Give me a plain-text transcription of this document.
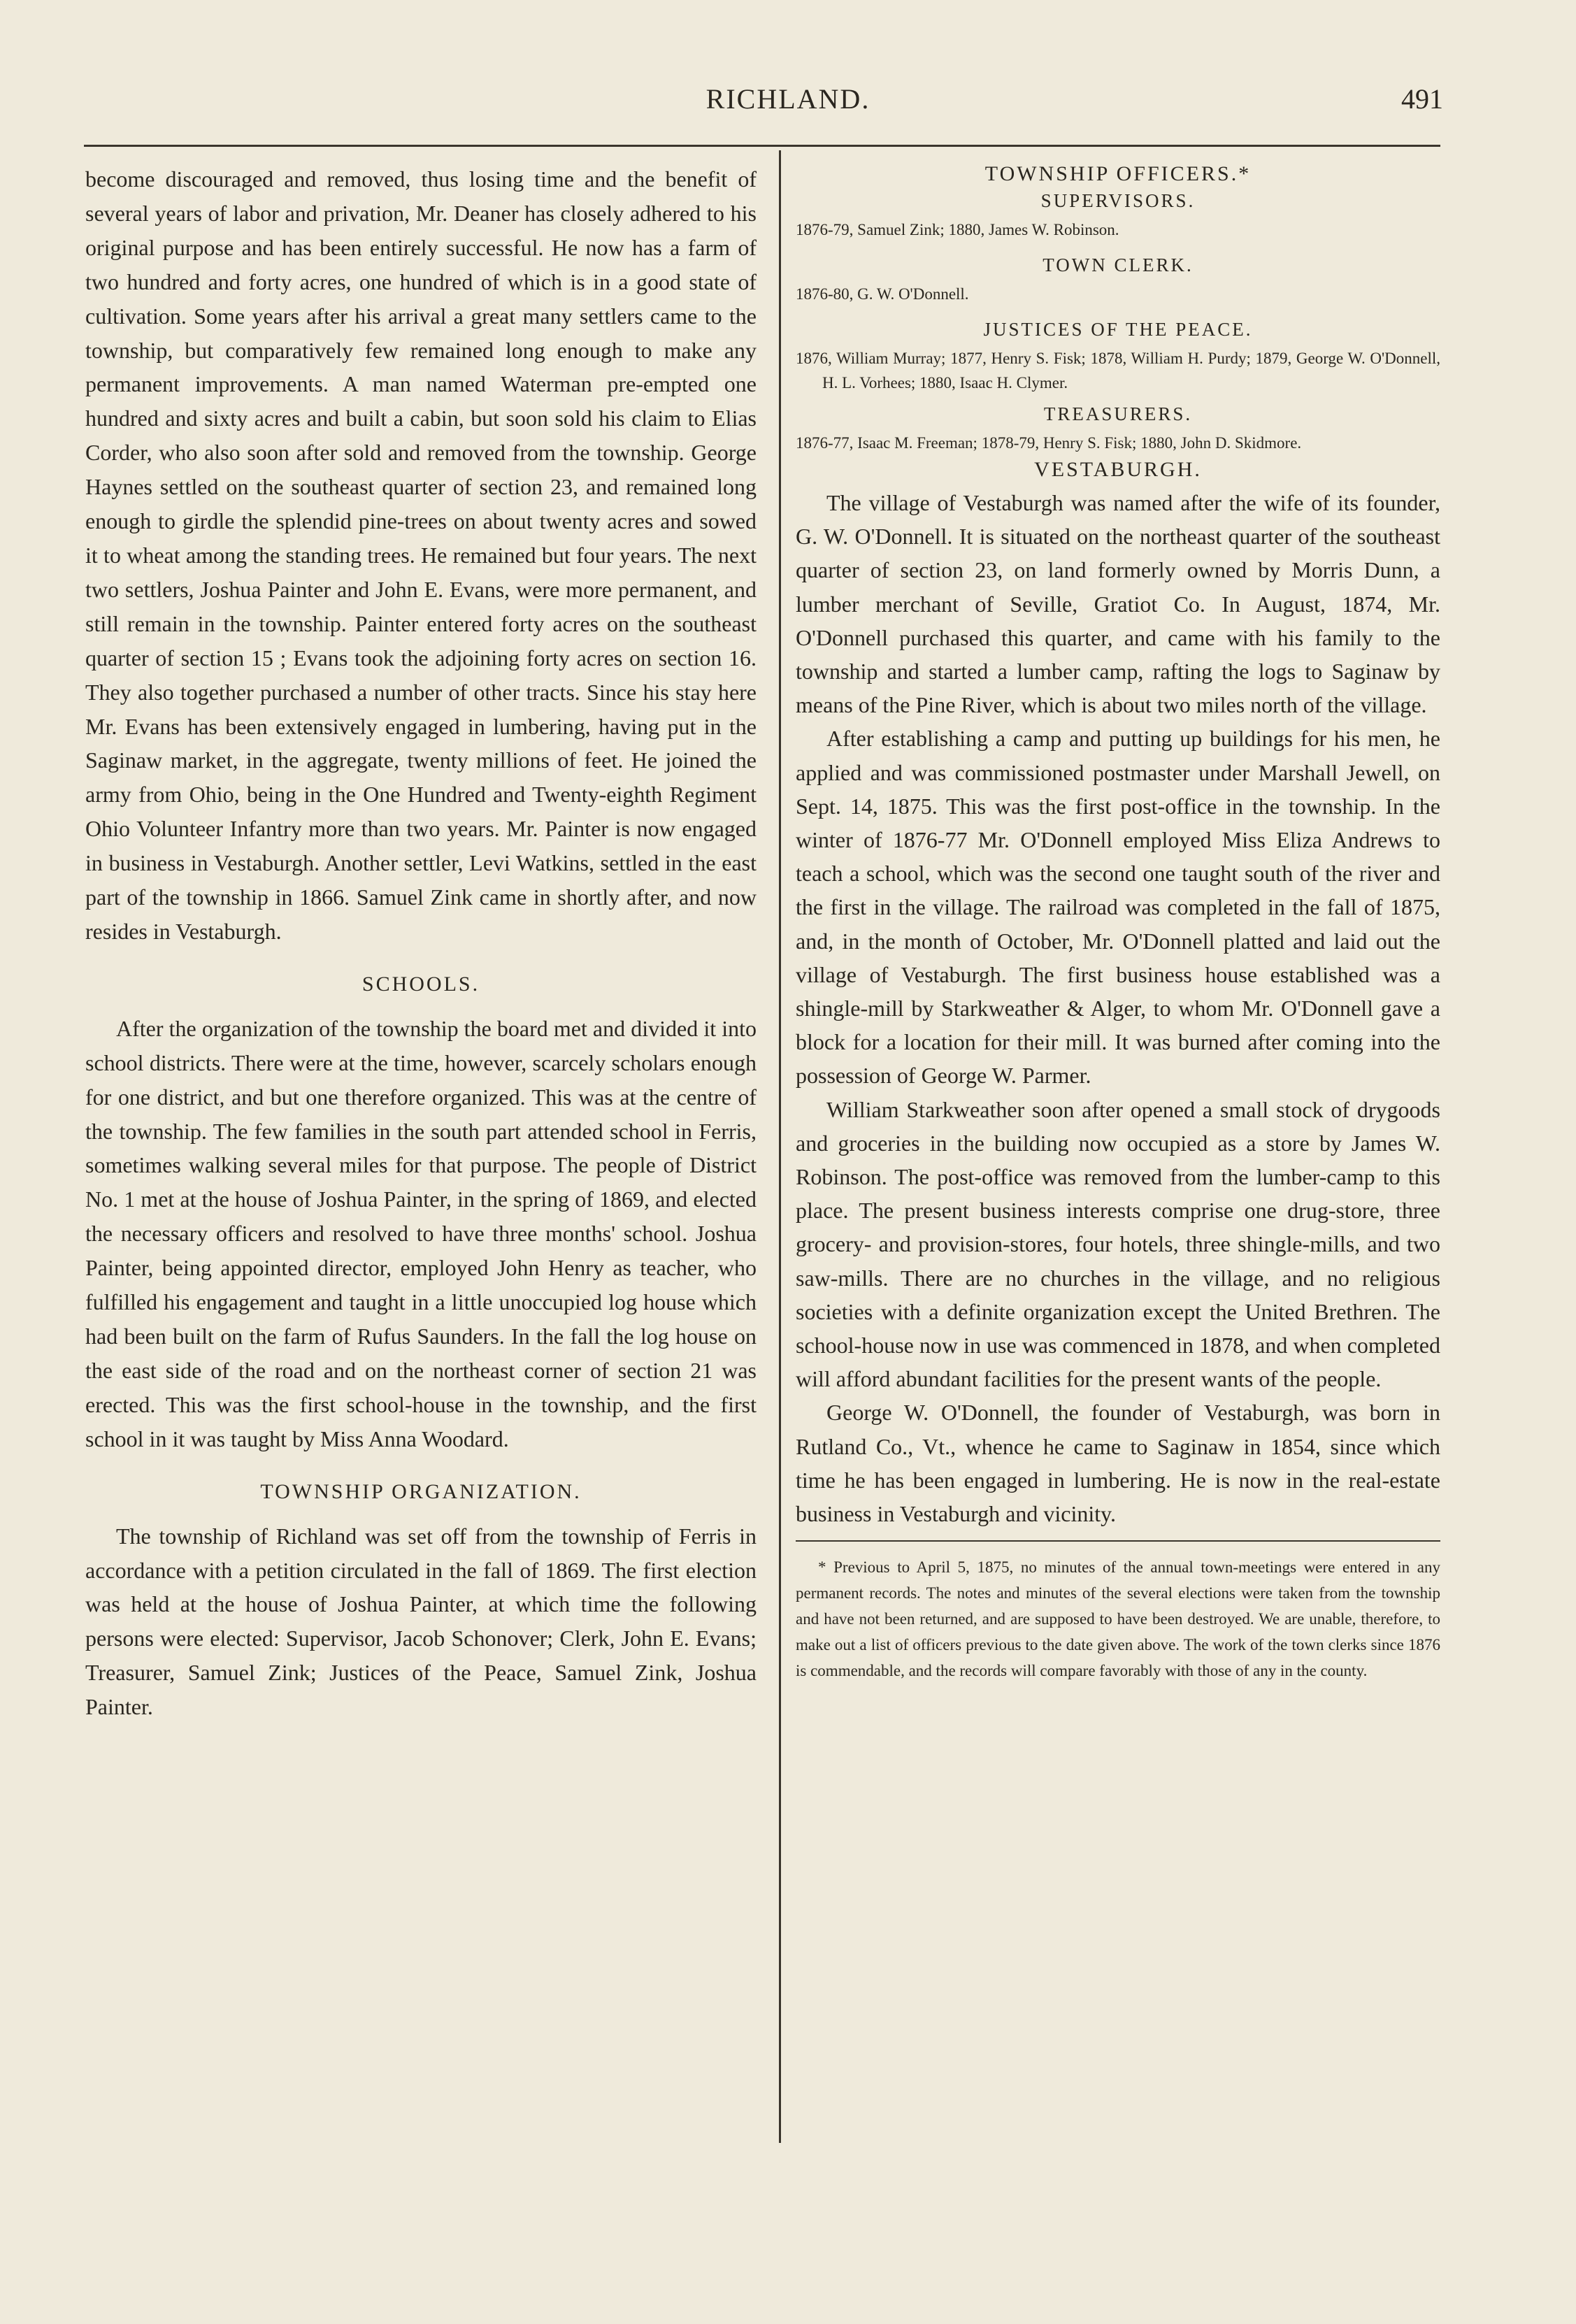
RICHLAND.	491

become discouraged and removed, thus losing time and the benefit of several years of labor and privation, Mr. Deaner has closely adhered to his original purpose and has been entirely successful. He now has a farm of two hundred and forty acres, one hundred of which is in a good state of cultivation. Some years after his arrival a great many settlers came to the township, but comparatively few remained long enough to make any permanent improvements. A man named Waterman pre-empted one hundred and sixty acres and built a cabin, but soon sold his claim to Elias Corder, who also soon after sold and removed from the township. George Haynes settled on the southeast quarter of section 23, and remained long enough to girdle the splendid pine-trees on about twenty acres and sowed it to wheat among the standing trees. He remained but four years. The next two settlers, Joshua Painter and John E. Evans, were more permanent, and still remain in the township. Painter entered forty acres on the southeast quarter of section 15 ; Evans took the adjoining forty acres on section 16. They also together purchased a number of other tracts. Since his stay here Mr. Evans has been extensively engaged in lumbering, having put in the Saginaw market, in the aggregate, twenty millions of feet. He joined the army from Ohio, being in the One Hundred and Twenty-eighth Regiment Ohio Volunteer Infantry more than two years. Mr. Painter is now engaged in business in Vestaburgh. Another settler, Levi Watkins, settled in the east part of the township in 1866. Samuel Zink came in shortly after, and now resides in Vestaburgh.

SCHOOLS.

After the organization of the township the board met and divided it into school districts. There were at the time, however, scarcely scholars enough for one district, and but one therefore organized. This was at the centre of the township. The few families in the south part attended school in Ferris, sometimes walking several miles for that purpose. The people of District No. 1 met at the house of Joshua Painter, in the spring of 1869, and elected the necessary officers and resolved to have three months' school. Joshua Painter, being appointed director, employed John Henry as teacher, who fulfilled his engagement and taught in a little unoccupied log house which had been built on the farm of Rufus Saunders. In the fall the log house on the east side of the road and on the northeast corner of section 21 was erected. This was the first school-house in the township, and the first school in it was taught by Miss Anna Woodard.

TOWNSHIP ORGANIZATION.

The township of Richland was set off from the township of Ferris in accordance with a petition circulated in the fall of 1869. The first election was held at the house of Joshua Painter, at which time the following persons were elected: Supervisor, Jacob Schonover; Clerk, John E. Evans; Treasurer, Samuel Zink; Justices of the Peace, Samuel Zink, Joshua Painter.

TOWNSHIP OFFICERS.*

SUPERVISORS.

1876-79, Samuel Zink; 1880, James W. Robinson.

TOWN CLERK.

1876-80, G. W. O'Donnell.

JUSTICES OF THE PEACE.

1876, William Murray; 1877, Henry S. Fisk; 1878, William H. Purdy; 1879, George W. O'Donnell, H. L. Vorhees; 1880, Isaac H. Clymer.

TREASURERS.

1876-77, Isaac M. Freeman; 1878-79, Henry S. Fisk; 1880, John D. Skidmore.

VESTABURGH.

The village of Vestaburgh was named after the wife of its founder, G. W. O'Donnell. It is situated on the northeast quarter of the southeast quarter of section 23, on land formerly owned by Morris Dunn, a lumber merchant of Seville, Gratiot Co. In August, 1874, Mr. O'Donnell purchased this quarter, and came with his family to the township and started a lumber camp, rafting the logs to Saginaw by means of the Pine River, which is about two miles north of the village.

After establishing a camp and putting up buildings for his men, he applied and was commissioned postmaster under Marshall Jewell, on Sept. 14, 1875. This was the first post-office in the township. In the winter of 1876-77 Mr. O'Donnell employed Miss Eliza Andrews to teach a school, which was the second one taught south of the river and the first in the village. The railroad was completed in the fall of 1875, and, in the month of October, Mr. O'Donnell platted and laid out the village of Vestaburgh. The first business house established was a shingle-mill by Starkweather & Alger, to whom Mr. O'Donnell gave a block for a location for their mill. It was burned after coming into the possession of George W. Parmer.

William Starkweather soon after opened a small stock of drygoods and groceries in the building now occupied as a store by James W. Robinson. The post-office was removed from the lumber-camp to this place. The present business interests comprise one drug-store, three grocery- and provision-stores, four hotels, three shingle-mills, and two saw-mills. There are no churches in the village, and no religious societies with a definite organization except the United Brethren. The school-house now in use was commenced in 1878, and when completed will afford abundant facilities for the present wants of the people.

George W. O'Donnell, the founder of Vestaburgh, was born in Rutland Co., Vt., whence he came to Saginaw in 1854, since which time he has been engaged in lumbering. He is now in the real-estate business in Vestaburgh and vicinity.

* Previous to April 5, 1875, no minutes of the annual town-meetings were entered in any permanent records. The notes and minutes of the several elections were taken from the township and have not been returned, and are supposed to have been destroyed. We are unable, therefore, to make out a list of officers previous to the date given above. The work of the town clerks since 1876 is commendable, and the records will compare favorably with those of any in the county.
